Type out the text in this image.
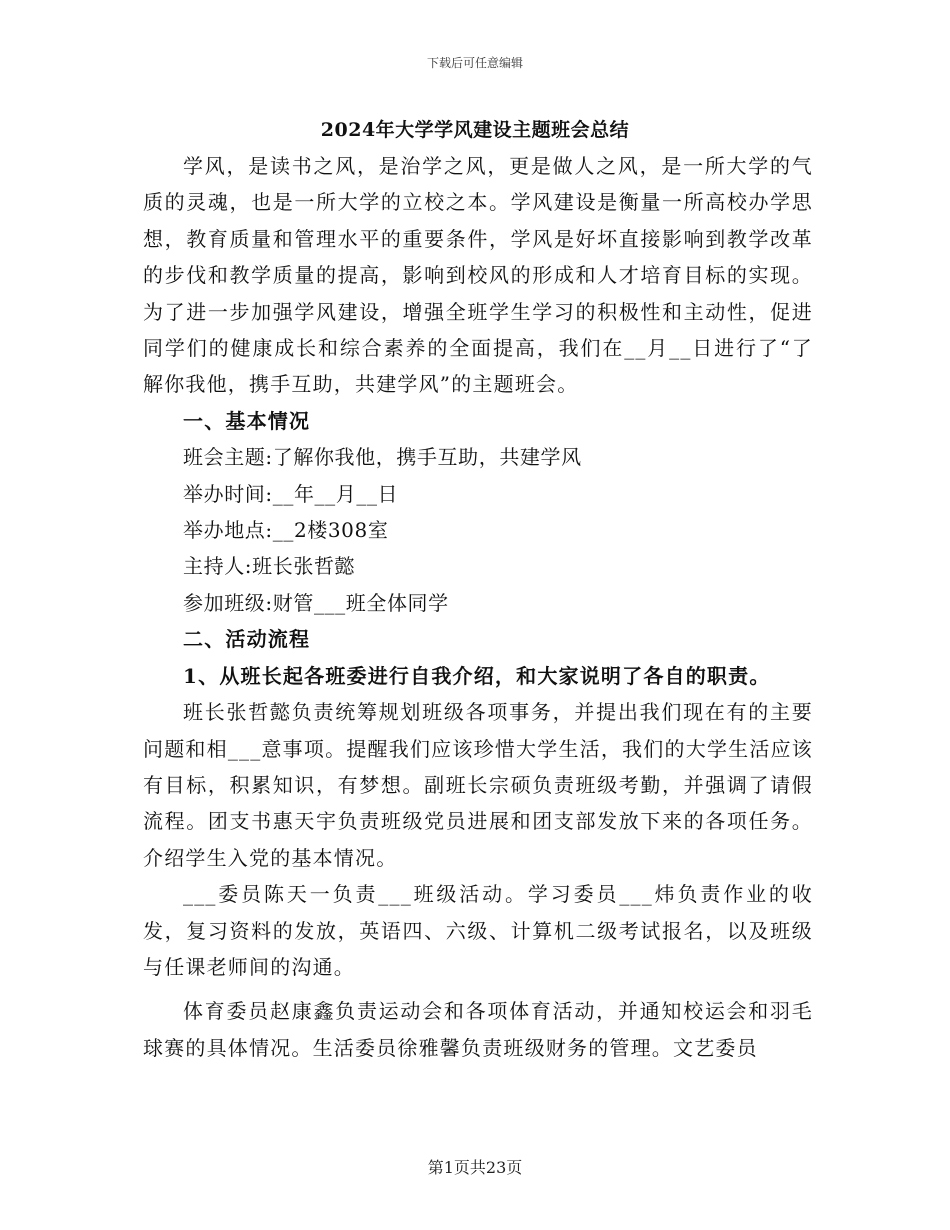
下载后可任意编辑
2024年大学学风建设主题班会总结

学风，是读书之风，是治学之风，更是做人之风，是一所大学的气质的灵魂，也是一所大学的立校之本。学风建设是衡量一所高校办学思想，教育质量和管理水平的重要条件，学风是好坏直接影响到教学改革的步伐和教学质量的提高，影响到校风的形成和人才培育目标的实现。为了进一步加强学风建设，增强全班学生学习的积极性和主动性，促进同学们的健康成长和综合素养的全面提高，我们在__月__日进行了“了解你我他，携手互助，共建学风”的主题班会。

一、基本情况

班会主题:了解你我他，携手互助，共建学风

举办时间:__年__月__日

举办地点:__2楼308室

主持人:班长张哲懿

参加班级:财管___班全体同学

二、活动流程

1、从班长起各班委进行自我介绍，和大家说明了各自的职责。

班长张哲懿负责统筹规划班级各项事务，并提出我们现在有的主要问题和相___意事项。提醒我们应该珍惜大学生活，我们的大学生活应该有目标，积累知识，有梦想。副班长宗硕负责班级考勤，并强调了请假流程。团支书惠天宇负责班级党员进展和团支部发放下来的各项任务。介绍学生入党的基本情况。

___委员陈天一负责___班级活动。学习委员___炜负责作业的收发，复习资料的发放，英语四、六级、计算机二级考试报名，以及班级与任课老师间的沟通。

体育委员赵康鑫负责运动会和各项体育活动，并通知校运会和羽毛球赛的具体情况。生活委员徐雅馨负责班级财务的管理。文艺委员

第1页共23页
